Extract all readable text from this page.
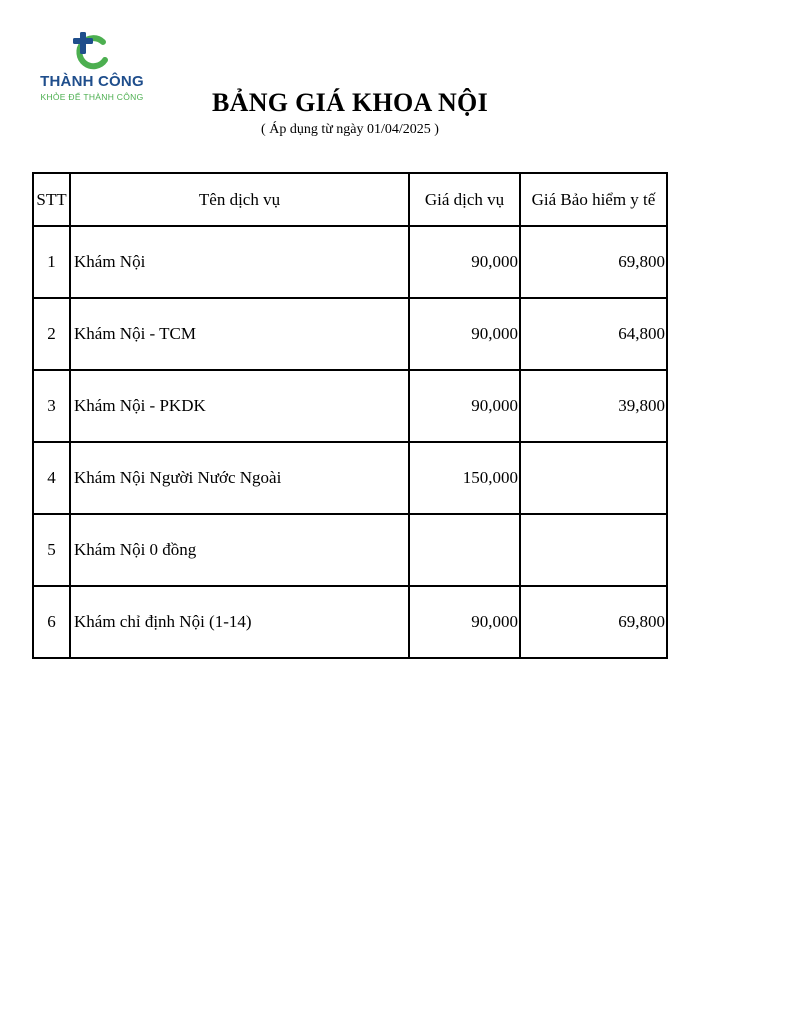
THÀNH CÔNG
KHỎE ĐỂ THÀNH CÔNG	BẢNG GIÁ KHOA NỘI
( Áp dụng từ ngày 01/04/2025 )
STT	Tên dịch vụ	Giá dịch vụ	Giá Bảo hiểm y tế
1	Khám Nội	90,000	69,800
2	Khám Nội - TCM	90,000	64,800
3	Khám Nội - PKDK	90,000	39,800
4	Khám Nội Người Nước Ngoài	150,000	
5	Khám Nội 0 đồng		
6	Khám chỉ định Nội (1-14)	90,000	69,800
